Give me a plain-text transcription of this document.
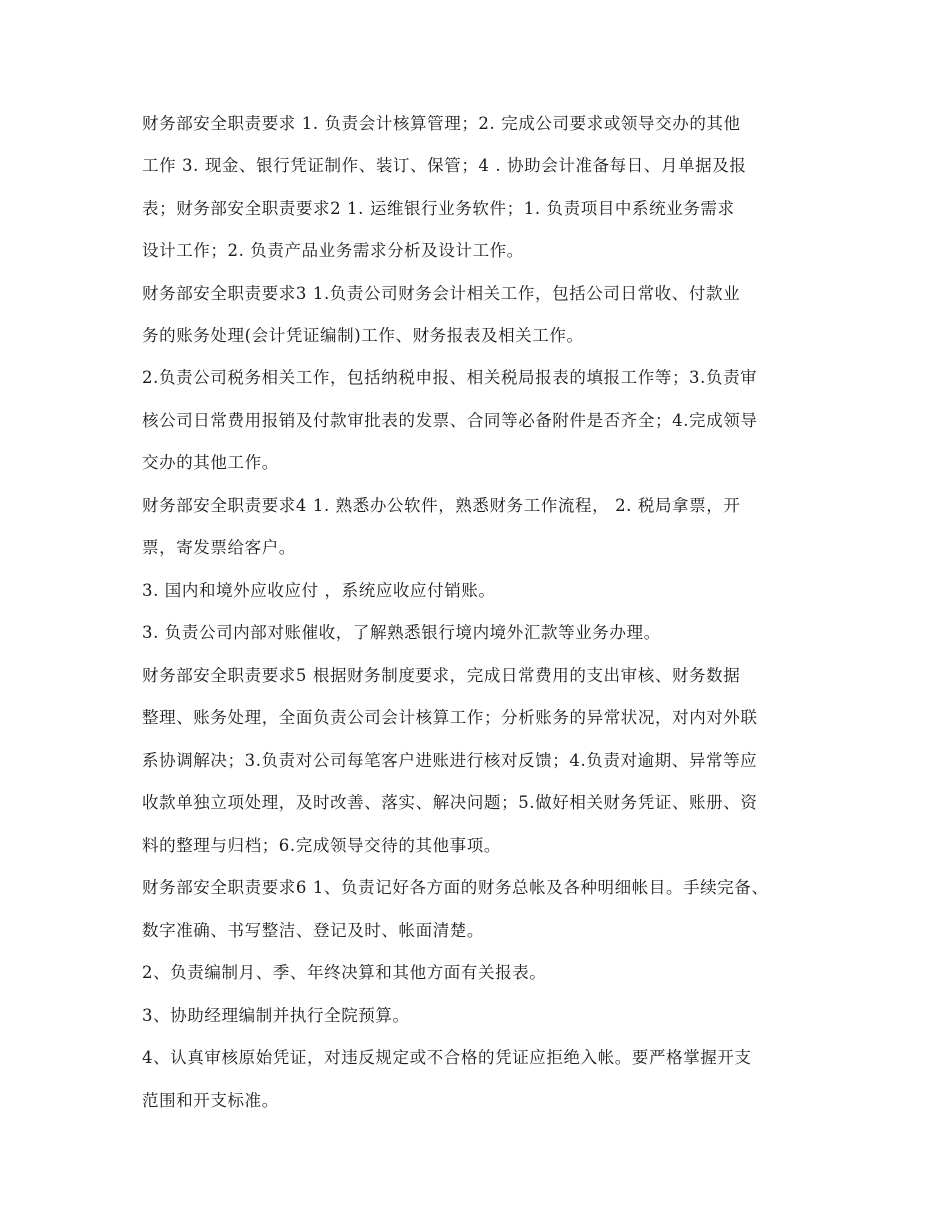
财务部安全职责要求 1. 负责会计核算管理；2. 完成公司要求或领导交办的其他
工作 3. 现金、银行凭证制作、装订、保管；4 . 协助会计准备每日、月单据及报
表；财务部安全职责要求2 1. 运维银行业务软件；1. 负责项目中系统业务需求
设计工作；2. 负责产品业务需求分析及设计工作。
财务部安全职责要求3 1.负责公司财务会计相关工作，包括公司日常收、付款业
务的账务处理(会计凭证编制)工作、财务报表及相关工作。
2.负责公司税务相关工作，包括纳税申报、相关税局报表的填报工作等；3.负责审
核公司日常费用报销及付款审批表的发票、合同等必备附件是否齐全；4.完成领导
交办的其他工作。
财务部安全职责要求4 1. 熟悉办公软件，熟悉财务工作流程， 2. 税局拿票，开
票，寄发票给客户。
3. 国内和境外应收应付 ，系统应收应付销账。
3. 负责公司内部对账催收，了解熟悉银行境内境外汇款等业务办理。
财务部安全职责要求5 根据财务制度要求，完成日常费用的支出审核、财务数据
整理、账务处理，全面负责公司会计核算工作；分析账务的异常状况，对内对外联
系协调解决；3.负责对公司每笔客户进账进行核对反馈；4.负责对逾期、异常等应
收款单独立项处理，及时改善、落实、解决问题；5.做好相关财务凭证、账册、资
料的整理与归档；6.完成领导交待的其他事项。
财务部安全职责要求6 1、负责记好各方面的财务总帐及各种明细帐目。手续完备、
数字准确、书写整洁、登记及时、帐面清楚。
2、负责编制月、季、年终决算和其他方面有关报表。
3、协助经理编制并执行全院预算。
4、认真审核原始凭证，对违反规定或不合格的凭证应拒绝入帐。要严格掌握开支
范围和开支标准。
